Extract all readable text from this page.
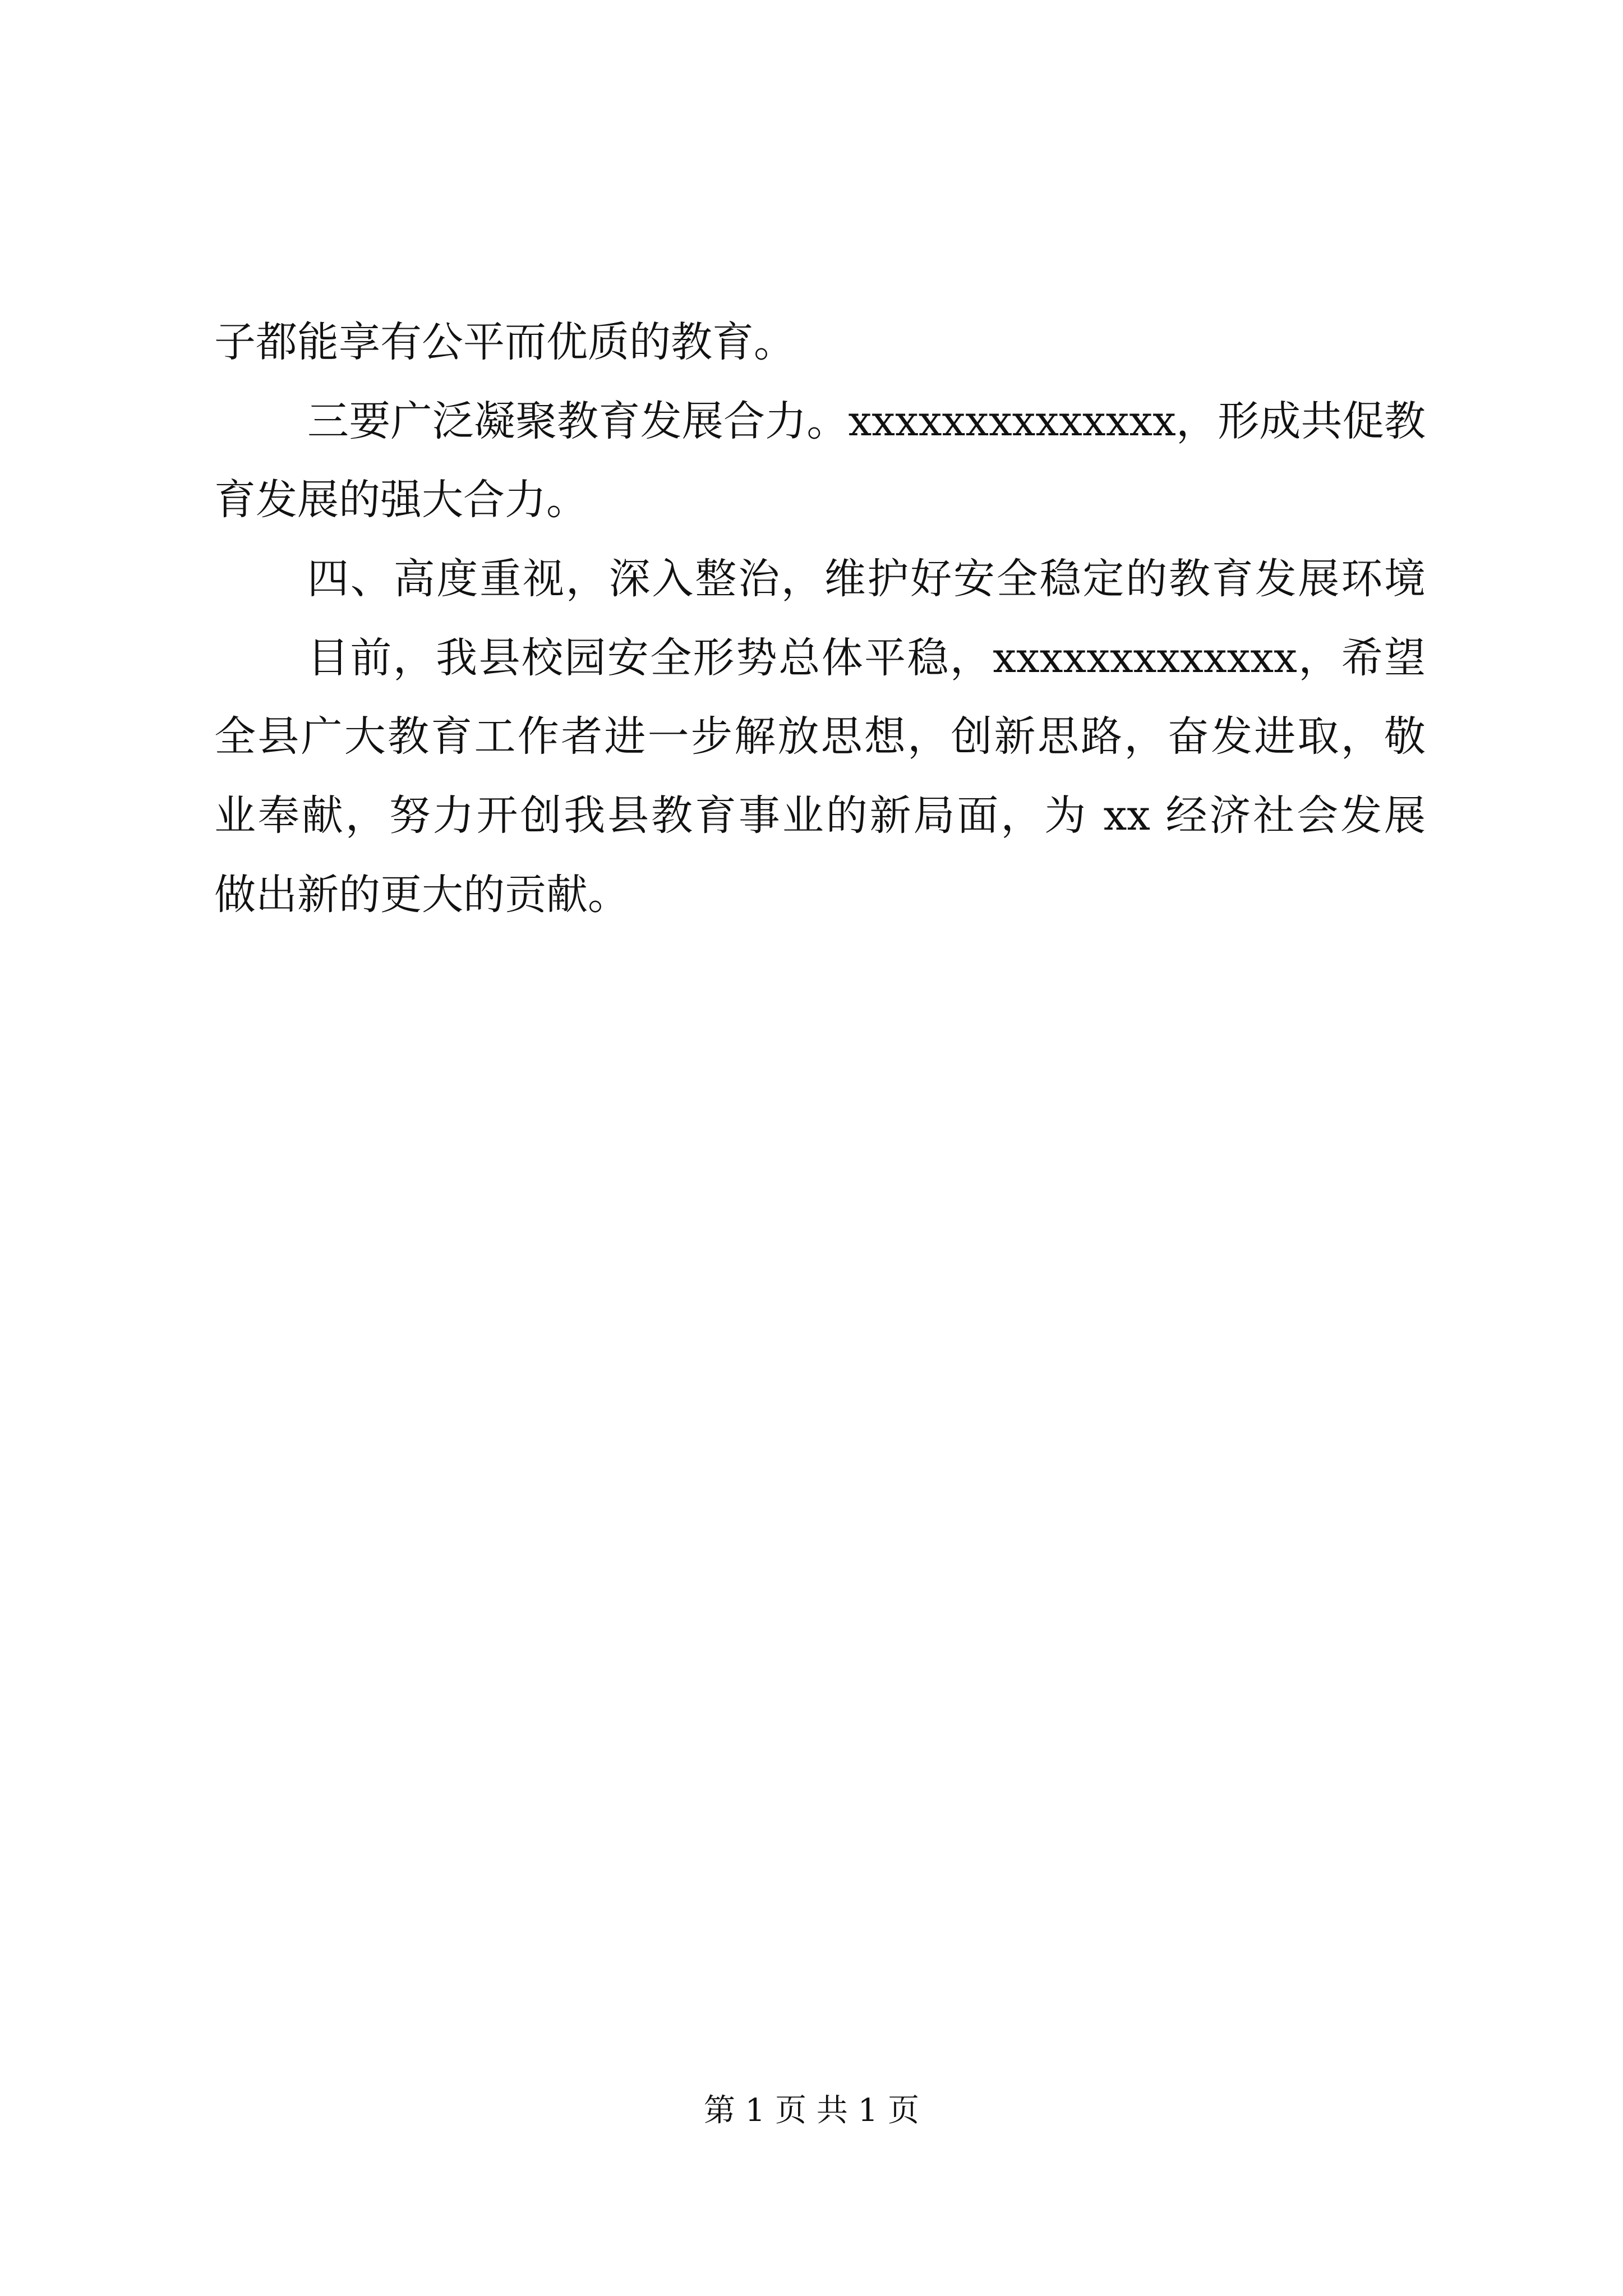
子都能享有公平而优质的教育。
三要广泛凝聚教育发展合力。xxxxxxxxxxxxxx，形成共促教
育发展的强大合力。
四、高度重视，深入整治，维护好安全稳定的教育发展环境
目前，我县校园安全形势总体平稳，xxxxxxxxxxxxx，希望
全县广大教育工作者进一步解放思想，创新思路，奋发进取，敬
业奉献，努力开创我县教育事业的新局面，为 xx 经济社会发展
做出新的更大的贡献。
第 1 页 共 1 页
